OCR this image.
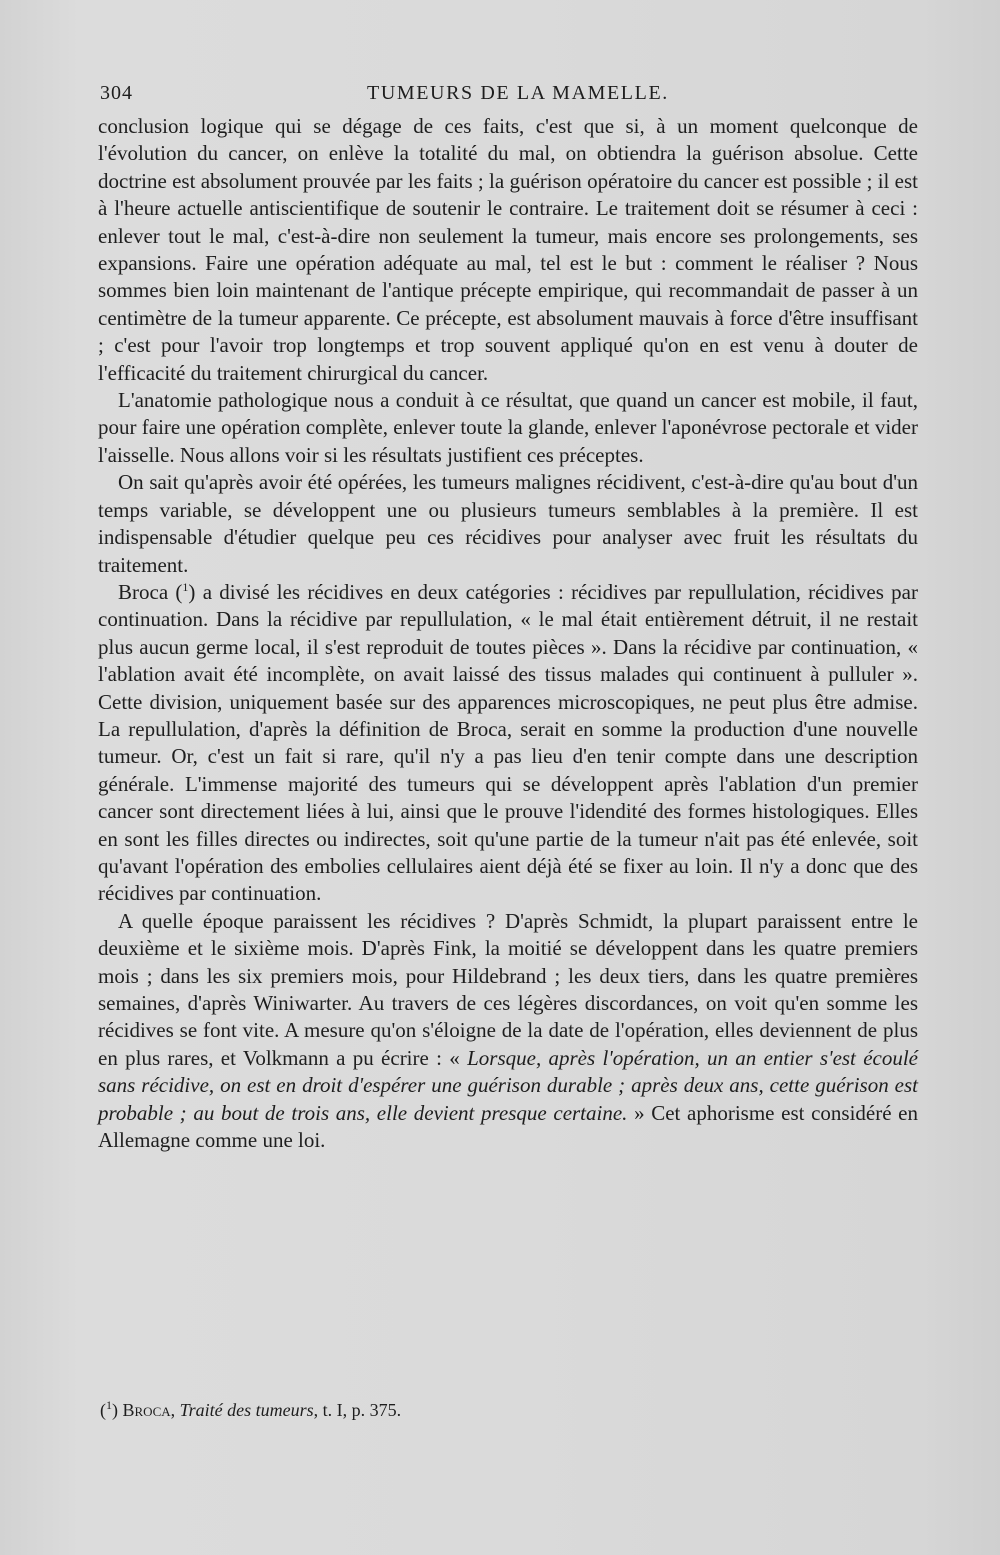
304	TUMEURS DE LA MAMELLE.

conclusion logique qui se dégage de ces faits, c'est que si, à un moment quelconque de l'évolution du cancer, on enlève la totalité du mal, on obtiendra la guérison absolue. Cette doctrine est absolument prouvée par les faits ; la guérison opératoire du cancer est possible ; il est à l'heure actuelle antiscientifique de soutenir le contraire. Le traitement doit se résumer à ceci : enlever tout le mal, c'est-à-dire non seulement la tumeur, mais encore ses prolongements, ses expansions. Faire une opération adéquate au mal, tel est le but : comment le réaliser ? Nous sommes bien loin maintenant de l'antique précepte empirique, qui recommandait de passer à un centimètre de la tumeur apparente. Ce précepte, est absolument mauvais à force d'être insuffisant ; c'est pour l'avoir trop longtemps et trop souvent appliqué qu'on en est venu à douter de l'efficacité du traitement chirurgical du cancer.

L'anatomie pathologique nous a conduit à ce résultat, que quand un cancer est mobile, il faut, pour faire une opération complète, enlever toute la glande, enlever l'aponévrose pectorale et vider l'aisselle. Nous allons voir si les résultats justifient ces préceptes.

On sait qu'après avoir été opérées, les tumeurs malignes récidivent, c'est-à-dire qu'au bout d'un temps variable, se développent une ou plusieurs tumeurs semblables à la première. Il est indispensable d'étudier quelque peu ces récidives pour analyser avec fruit les résultats du traitement.

Broca ($^1$) a divisé les récidives en deux catégories : récidives par repullulation, récidives par continuation. Dans la récidive par repullulation, « le mal était entièrement détruit, il ne restait plus aucun germe local, il s'est reproduit de toutes pièces ». Dans la récidive par continuation, « l'ablation avait été incomplète, on avait laissé des tissus malades qui continuent à pulluler ». Cette division, uniquement basée sur des apparences microscopiques, ne peut plus être admise. La repullulation, d'après la définition de Broca, serait en somme la production d'une nouvelle tumeur. Or, c'est un fait si rare, qu'il n'y a pas lieu d'en tenir compte dans une description générale. L'immense majorité des tumeurs qui se développent après l'ablation d'un premier cancer sont directement liées à lui, ainsi que le prouve l'idendité des formes histologiques. Elles en sont les filles directes ou indirectes, soit qu'une partie de la tumeur n'ait pas été enlevée, soit qu'avant l'opération des embolies cellulaires aient déjà été se fixer au loin. Il n'y a donc que des récidives par continuation.

A quelle époque paraissent les récidives ? D'après Schmidt, la plupart paraissent entre le deuxième et le sixième mois. D'après Fink, la moitié se développent dans les quatre premiers mois ; dans les six premiers mois, pour Hildebrand ; les deux tiers, dans les quatre premières semaines, d'après Winiwarter. Au travers de ces légères discordances, on voit qu'en somme les récidives se font vite. A mesure qu'on s'éloigne de la date de l'opération, elles deviennent de plus en plus rares, et Volkmann a pu écrire : « Lorsque, après l'opération, un an entier s'est écoulé sans récidive, on est en droit d'espérer une guérison durable ; après deux ans, cette guérison est probable ; au bout de trois ans, elle devient presque certaine. » Cet aphorisme est considéré en Allemagne comme une loi.

($^1$) Broca, Traité des tumeurs, t. I, p. 375.
